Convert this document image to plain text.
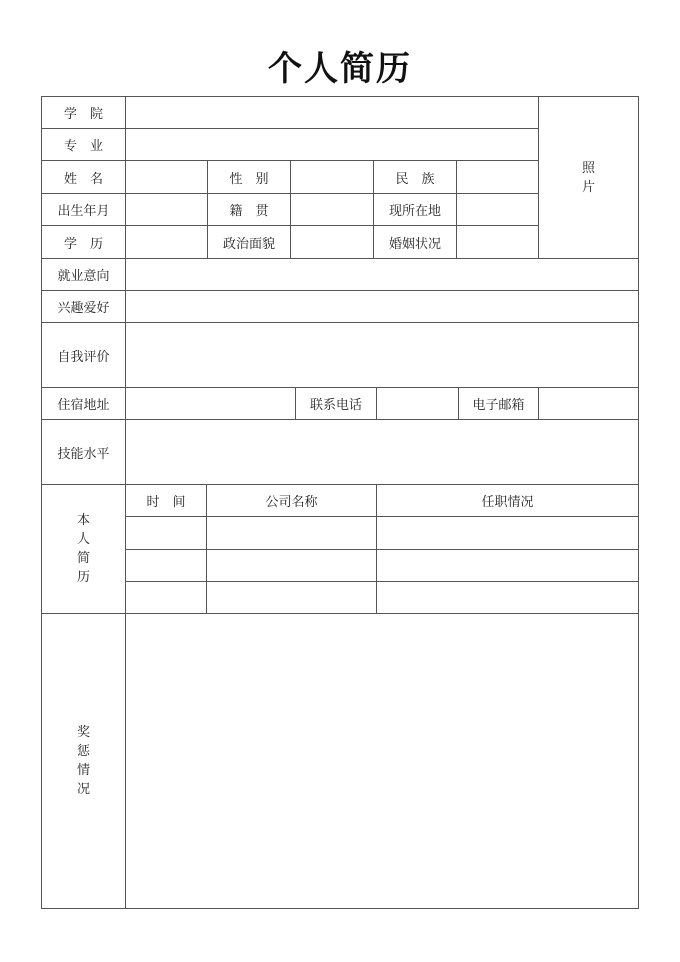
个人简历
学　院
专　业
姓　名	性　别	民　族
出生年月	籍　贯	现所在地
学　历	政治面貌	婚姻状况
照
片
就业意向
兴趣爱好
自我评价
住宿地址	联系电话	电子邮箱
技能水平
本
人
简
历
时　间	公司名称	任职情况
奖
惩
情
况
